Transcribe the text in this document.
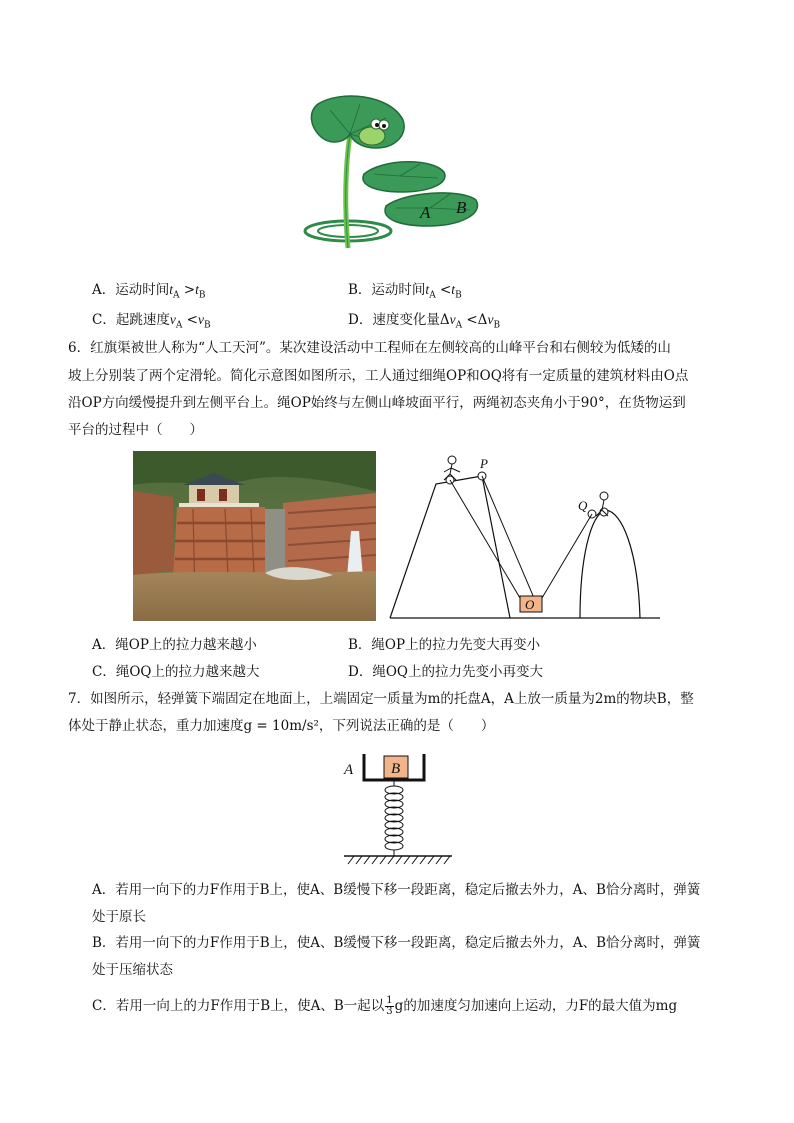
A B
A．运动时间$t_A >t_B$	B．运动时间$t_A <t_B$
C．起跳速度$v_A <v_B$	D．速度变化量$\Delta v_A <\Delta v_B$
6．红旗渠被世人称为“人工天河”。某次建设活动中工程师在左侧较高的山峰平台和右侧较为低矮的山
坡上分别装了两个定滑轮。简化示意图如图所示，工人通过细绳OP和OQ将有一定质量的建筑材料由O点
沿OP方向缓慢提升到左侧平台上。绳OP始终与左侧山峰坡面平行，两绳初态夹角小于90°，在货物运到
平台的过程中（　　）
O
P
Q
A．绳OP上的拉力越来越小	B．绳OP上的拉力先变大再变小
C．绳OQ上的拉力越来越大	D．绳OQ上的拉力先变小再变大
7．如图所示，轻弹簧下端固定在地面上，上端固定一质量为m的托盘A，A上放一质量为2m的物块B，整
体处于静止状态，重力加速度g = 10m/s²，下列说法正确的是（　　）
A	B
A．若用一向下的力F作用于B上，使A、B缓慢下移一段距离，稳定后撤去外力，A、B恰分离时，弹簧
处于原长
B．若用一向下的力F作用于B上，使A、B缓慢下移一段距离，稳定后撤去外力，A、B恰分离时，弹簧
处于压缩状态
C．若用一向上的力F作用于B上，使A、B一起以 $\frac{1}{3}$ g的加速度匀加速向上运动，力F的最大值为mg
